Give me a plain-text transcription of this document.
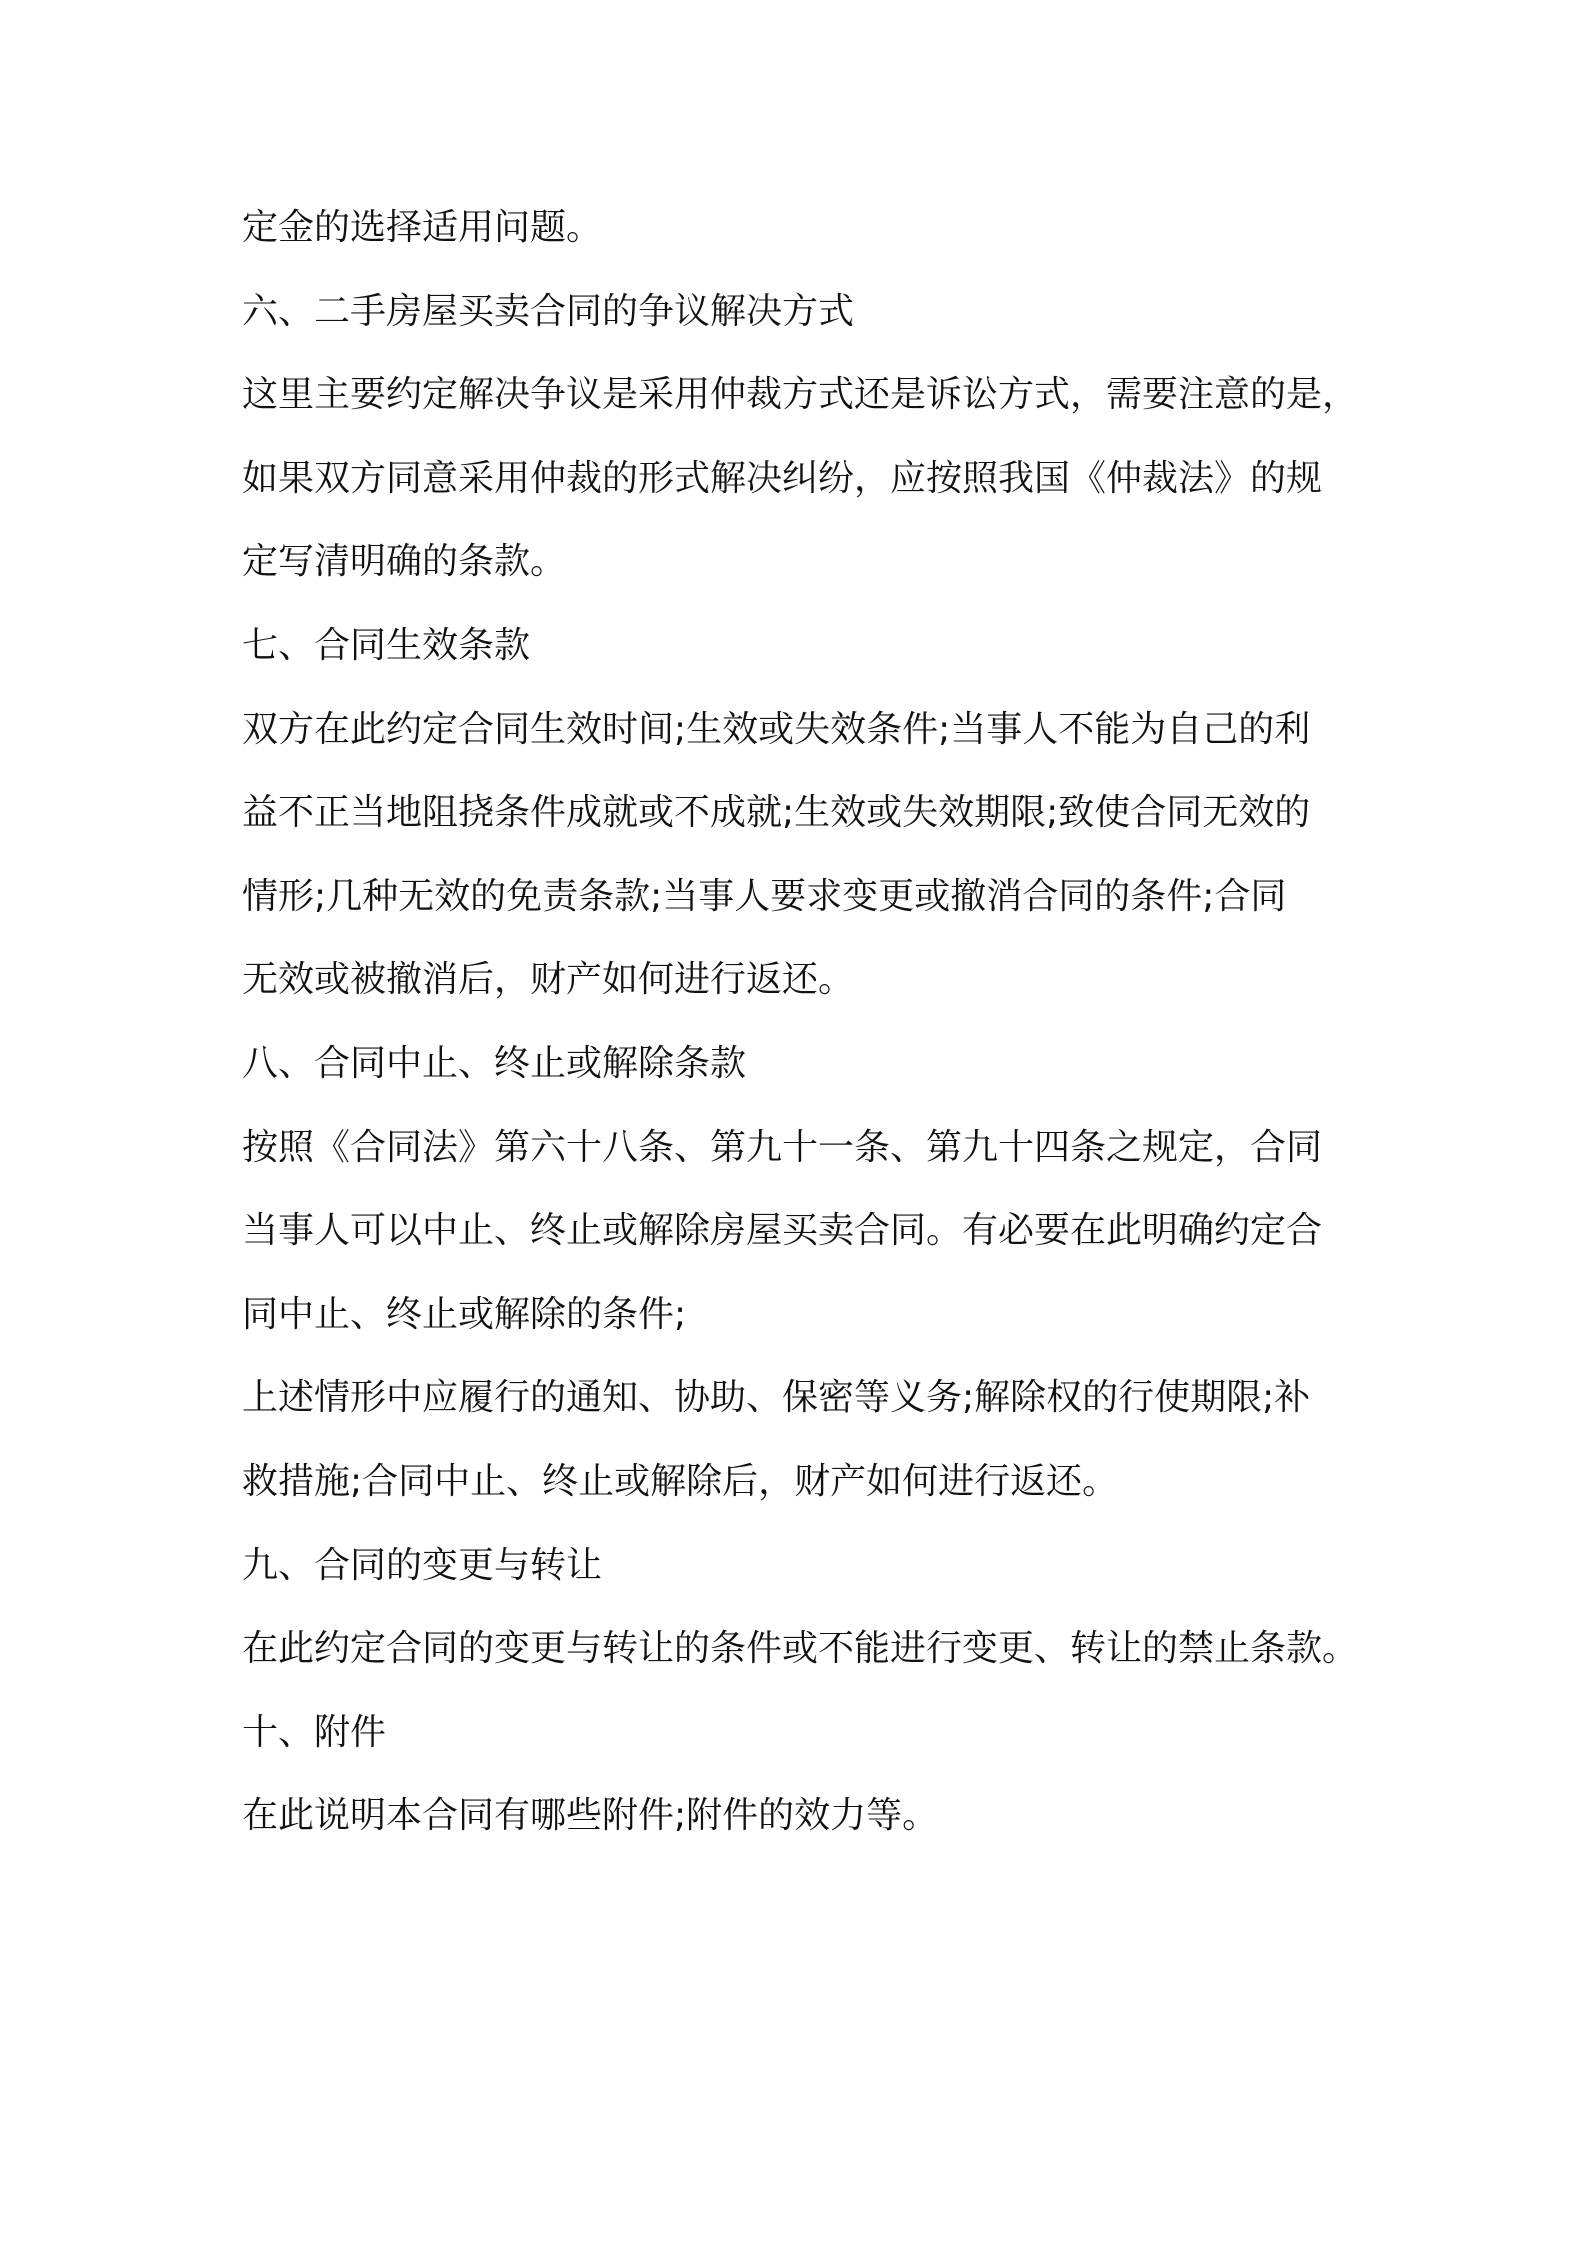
定金的选择适用问题。
六、二手房屋买卖合同的争议解决方式
这里主要约定解决争议是采用仲裁方式还是诉讼方式，需要注意的是，
如果双方同意采用仲裁的形式解决纠纷，应按照我国《仲裁法》的规
定写清明确的条款。
七、合同生效条款
双方在此约定合同生效时间;生效或失效条件;当事人不能为自己的利
益不正当地阻挠条件成就或不成就;生效或失效期限;致使合同无效的
情形;几种无效的免责条款;当事人要求变更或撤消合同的条件;合同
无效或被撤消后，财产如何进行返还。
八、合同中止、终止或解除条款
按照《合同法》第六十八条、第九十一条、第九十四条之规定，合同
当事人可以中止、终止或解除房屋买卖合同。有必要在此明确约定合
同中止、终止或解除的条件;
上述情形中应履行的通知、协助、保密等义务;解除权的行使期限;补
救措施;合同中止、终止或解除后，财产如何进行返还。
九、合同的变更与转让
在此约定合同的变更与转让的条件或不能进行变更、转让的禁止条款。
十、附件
在此说明本合同有哪些附件;附件的效力等。
